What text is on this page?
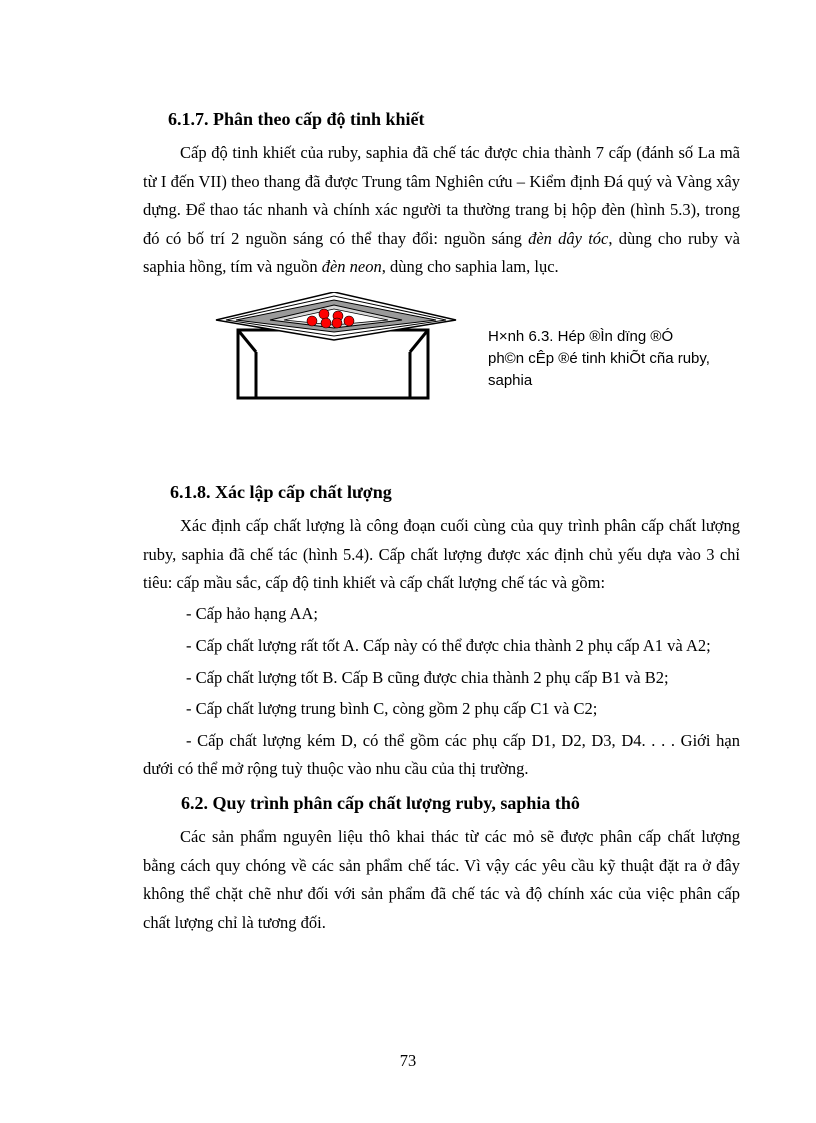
6.1.7. Phân theo cấp độ tinh khiết

Cấp độ tinh khiết của ruby, saphia đã chế tác được chia thành 7 cấp (đánh số La mã từ I đến VII) theo thang đã được Trung tâm Nghiên cứu – Kiểm định Đá quý và Vàng xây dựng. Để thao tác nhanh và chính xác người ta thường trang bị hộp đèn (hình 5.3), trong đó có bố trí 2 nguồn sáng có thể thay đổi: nguồn sáng đèn dây tóc, dùng cho ruby và saphia hồng, tím và nguồn đèn neon, dùng cho saphia lam, lục.

H×nh 6.3. Hép ®Ìn dïng ®Ó
ph©n cÊp ®é tinh khiÕt cña ruby,
saphia
6.1.8. Xác lập cấp chất lượng

Xác định cấp chất lượng là công đoạn cuối cùng của quy trình phân cấp chất lượng ruby, saphia đã chế tác (hình 5.4). Cấp chất lượng được xác định chủ yếu dựa vào 3 chỉ tiêu: cấp mầu sắc, cấp độ tinh khiết và cấp chất lượng chế tác và gồm:

- Cấp hảo hạng AA;
- Cấp chất lượng rất tốt A. Cấp này có thể được chia thành 2 phụ cấp A1 và A2;
- Cấp chất lượng tốt B. Cấp B cũng được chia thành 2 phụ cấp B1 và B2;
- Cấp chất lượng trung bình C, còng gồm 2 phụ cấp C1 và C2;
- Cấp chất lượng kém D, có thể gồm các phụ cấp D1, D2, D3, D4. . . . Giới hạn
dưới có thể mở rộng tuỳ thuộc vào nhu cầu của thị trường.
6.2. Quy trình phân cấp chất lượng ruby, saphia thô

Các sản phẩm nguyên liệu thô khai thác từ các mỏ sẽ được phân cấp chất lượng bằng cách quy chóng về các sản phẩm chế tác. Vì vậy các yêu cầu kỹ thuật đặt ra ở đây không thể chặt chẽ như đối với sản phẩm đã chế tác và độ chính xác của việc phân cấp chất lượng chỉ là tương đối.

73
